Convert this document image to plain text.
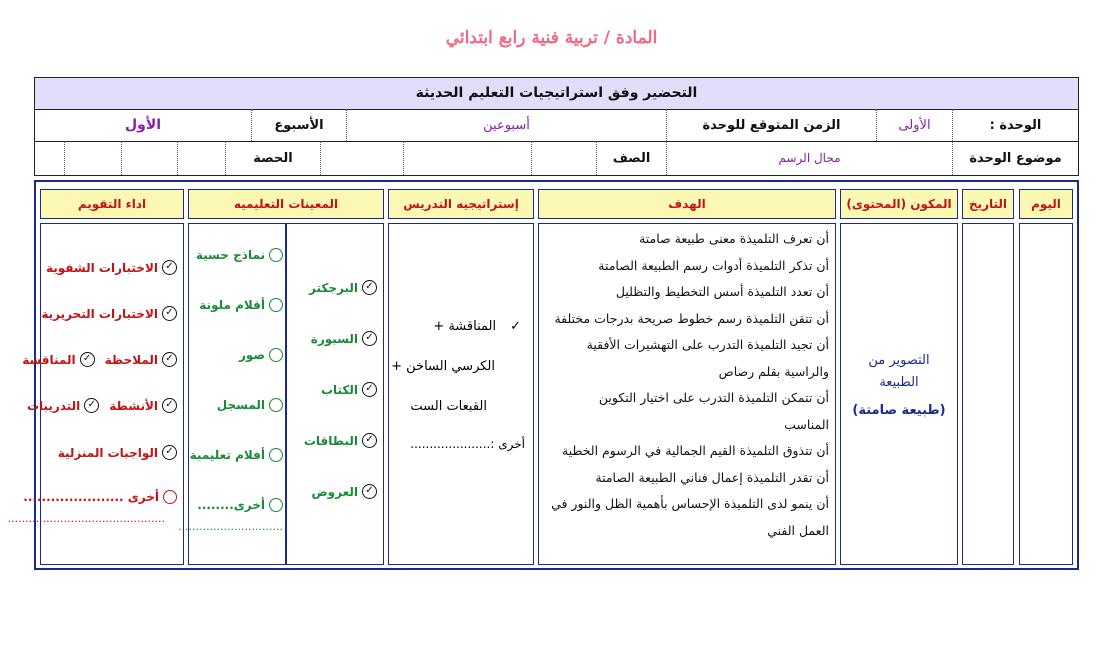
المادة / تربية فنية رابع ابتدائي
التحضير وفق استراتيجيات التعليم الحديثة
الوحدة :
الأولى
الزمن المتوقع للوحدة
أسبوعين
الأسبوع
الأول
موضوع الوحدة
مجال الرسم
الصف
الحصة
اليوم
التاريخ
المكون (المحتوى)
الهدف
إستراتيجيه التدريس
المعينات التعليميه
اداء التقويم
التصوير من
الطبيعة
(طبيعة صامتة)
أن تعرف التلميذة معنى طبيعة صامتة
أن تذكر التلميذة أدوات رسم الطبيعة الصامتة
أن تعدد التلميذة أسس التخطيط والتظليل
أن تتقن التلميذة رسم خطوط صريحة بدرجات مختلفة
أن تجيد التلميذة التدرب على التهشيرات الأفقية
والراسية بقلم رصاص
أن تتمكن التلميذة التدرب على اختيار التكوين
المناسب
أن تتذوق التلميذة القيم الجمالية في الرسوم الخطية
أن تقدر التلميذة إعمال فناني الطبيعة الصامتة
أن ينمو لدى التلميذة الإحساس بأهمية الظل والنور في
العمل الفني
✓
المناقشة +
الكرسي الساخن +
القبعات الست
أخرى :.....................
✓
البرجكتر
✓
السبورة
✓
الكتاب
✓
البطاقات
✓
العروض
نماذج حسية
أقلام ملونة
صور
المسجل
أفلام تعليمية
أخرى........
..............................
✓
الاختبارات الشفوية
✓
الاختبارات التحريرية
✓
الملاحظة
✓
المناقشة
✓
الأنشطة
✓
التدريبات
✓
الواجبات المنزلية
أخرى ......................
.............................................
